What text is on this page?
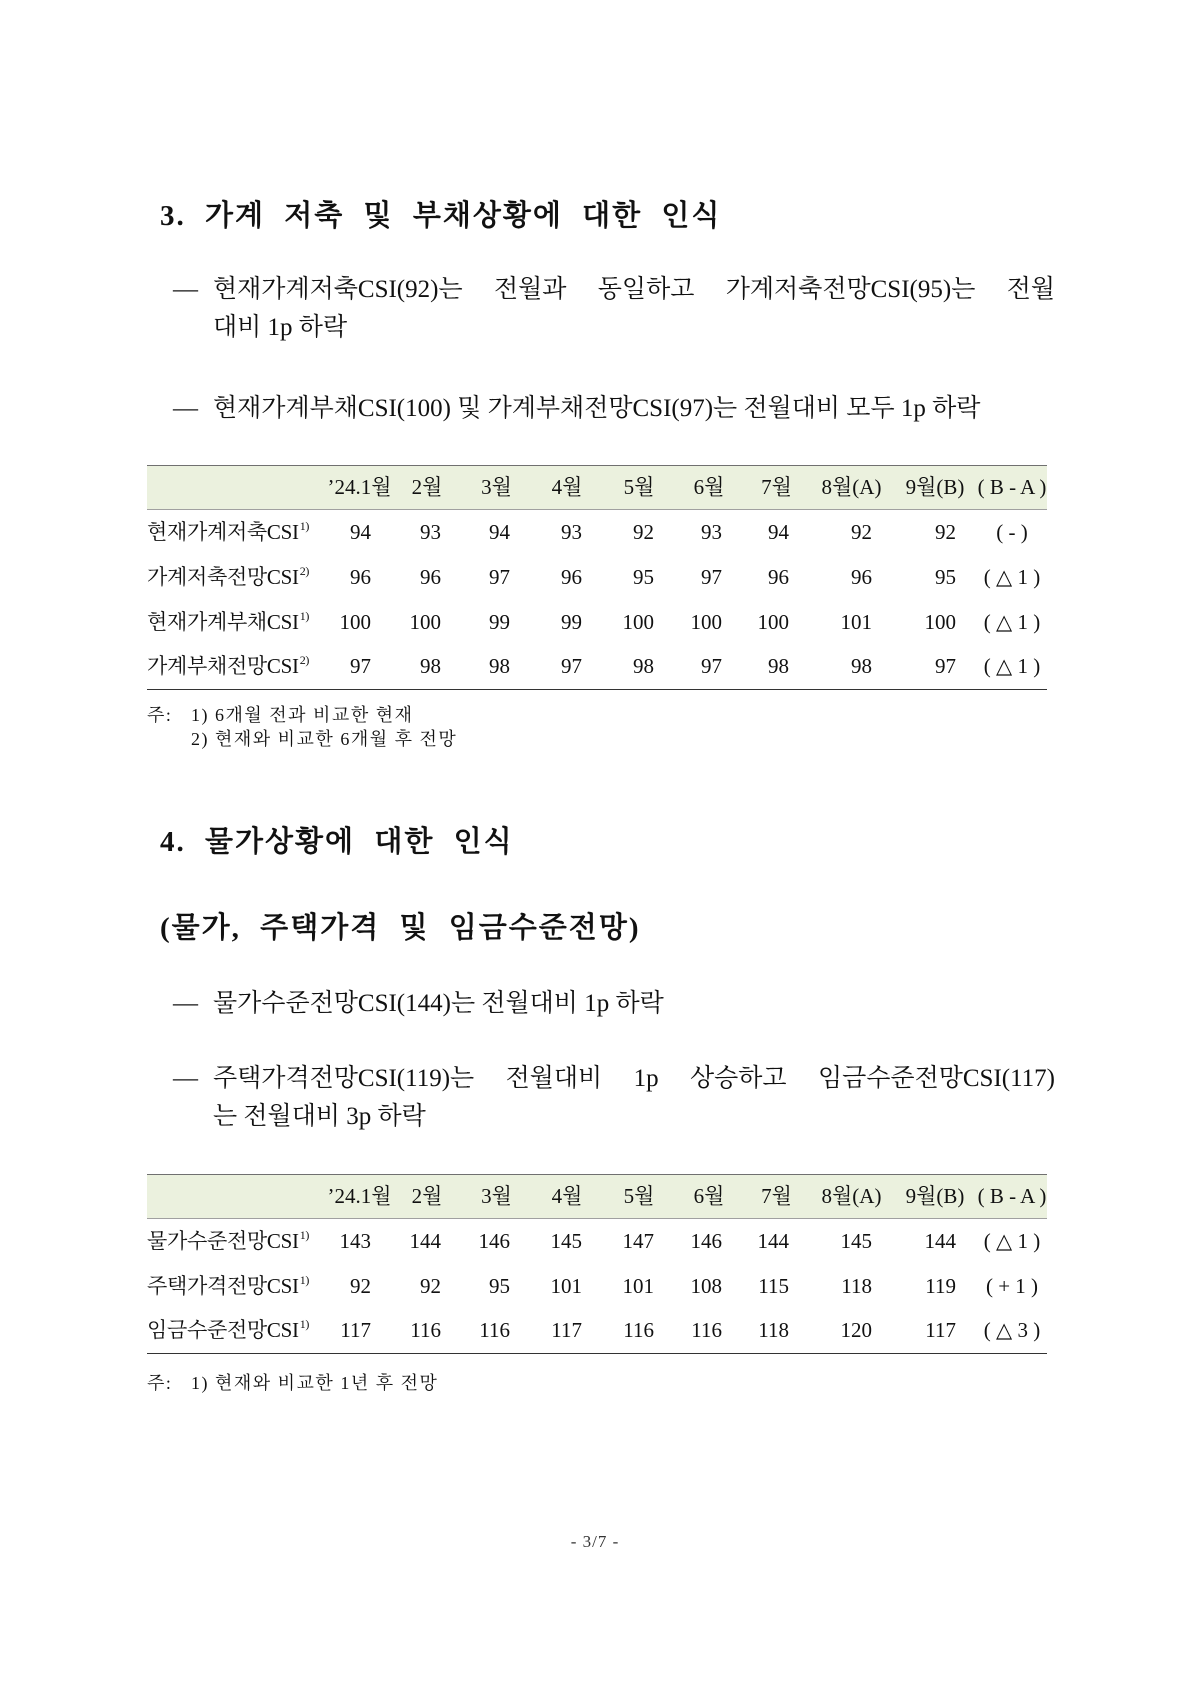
3. 가계 저축 및 부채상황에 대한 인식
— 현재가계저축CSI(92)는 전월과 동일하고 가계저축전망CSI(95)는 전월
대비 1p 하락
— 현재가계부채CSI(100) 및 가계부채전망CSI(97)는 전월대비 모두 1p 하락
	’24.1월	2월	3월	4월	5월	6월	7월	8월(A)	9월(B)	( B - A )
현재가계저축CSI$^{1)}$	94	93	94	93	92	93	94	92	92	( - )
가계저축전망CSI$^{2)}$	96	96	97	96	95	97	96	96	95	( △ 1 )
현재가계부채CSI$^{1)}$	100	100	99	99	100	100	100	101	100	( △ 1 )
가계부채전망CSI$^{2)}$	97	98	98	97	98	97	98	98	97	( △ 1 )
주:	1) 6개월 전과 비교한 현재
2) 현재와 비교한 6개월 후 전망
4. 물가상황에 대한 인식
(물가, 주택가격 및 임금수준전망)
— 물가수준전망CSI(144)는 전월대비 1p 하락
— 주택가격전망CSI(119)는 전월대비 1p 상승하고 임금수준전망CSI(117)
는 전월대비 3p 하락
	’24.1월	2월	3월	4월	5월	6월	7월	8월(A)	9월(B)	( B - A )
물가수준전망CSI$^{1)}$	143	144	146	145	147	146	144	145	144	( △ 1 )
주택가격전망CSI$^{1)}$	92	92	95	101	101	108	115	118	119	( + 1 )
임금수준전망CSI$^{1)}$	117	116	116	117	116	116	118	120	117	( △ 3 )
주:	1) 현재와 비교한 1년 후 전망
- 3/7 -
